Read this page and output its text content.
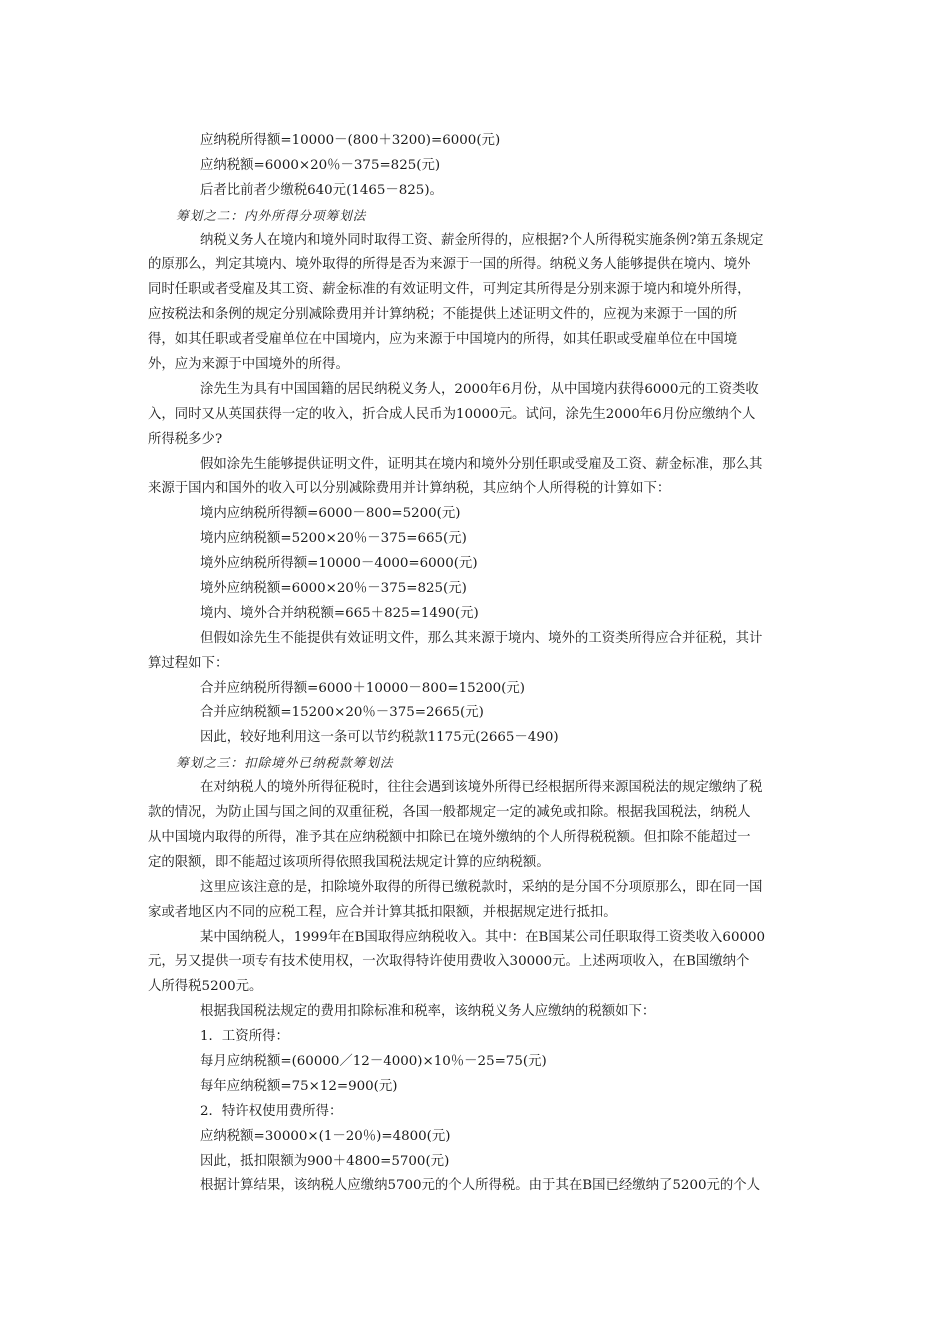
应纳税所得额=10000－(800＋3200)=6000(元)
应纳税额=6000×20％－375=825(元)
后者比前者少缴税640元(1465－825)。
筹划之二：内外所得分项筹划法
纳税义务人在境内和境外同时取得工资、薪金所得的，应根据?个人所得税实施条例?第五条规定
的原那么，判定其境内、境外取得的所得是否为来源于一国的所得。纳税义务人能够提供在境内、境外
同时任职或者受雇及其工资、薪金标准的有效证明文件，可判定其所得是分别来源于境内和境外所得，
应按税法和条例的规定分别减除费用并计算纳税；不能提供上述证明文件的，应视为来源于一国的所
得，如其任职或者受雇单位在中国境内，应为来源于中国境内的所得，如其任职或受雇单位在中国境
外，应为来源于中国境外的所得。
涂先生为具有中国国籍的居民纳税义务人，2000年6月份，从中国境内获得6000元的工资类收
入，同时又从英国获得一定的收入，折合成人民币为10000元。试问，涂先生2000年6月份应缴纳个人
所得税多少?
假如涂先生能够提供证明文件，证明其在境内和境外分别任职或受雇及工资、薪金标准，那么其
来源于国内和国外的收入可以分别减除费用并计算纳税，其应纳个人所得税的计算如下：
境内应纳税所得额=6000－800=5200(元)
境内应纳税额=5200×20％－375=665(元)
境外应纳税所得额=10000－4000=6000(元)
境外应纳税额=6000×20％－375=825(元)
境内、境外合并纳税额=665＋825=1490(元)
但假如涂先生不能提供有效证明文件，那么其来源于境内、境外的工资类所得应合并征税，其计
算过程如下：
合并应纳税所得额=6000＋10000－800=15200(元)
合并应纳税额=15200×20％－375=2665(元)
因此，较好地利用这一条可以节约税款1175元(2665－490)
筹划之三：扣除境外已纳税款筹划法
在对纳税人的境外所得征税时，往往会遇到该境外所得已经根据所得来源国税法的规定缴纳了税
款的情况，为防止国与国之间的双重征税，各国一般都规定一定的减免或扣除。根据我国税法，纳税人
从中国境内取得的所得，准予其在应纳税额中扣除已在境外缴纳的个人所得税税额。但扣除不能超过一
定的限额，即不能超过该项所得依照我国税法规定计算的应纳税额。
这里应该注意的是，扣除境外取得的所得已缴税款时，采纳的是分国不分项原那么，即在同一国
家或者地区内不同的应税工程，应合并计算其抵扣限额，并根据规定进行抵扣。
某中国纳税人，1999年在B国取得应纳税收入。其中：在B国某公司任职取得工资类收入60000
元，另又提供一项专有技术使用权，一次取得特许使用费收入30000元。上述两项收入，在B国缴纳个
人所得税5200元。
根据我国税法规定的费用扣除标准和税率，该纳税义务人应缴纳的税额如下：
1．工资所得：
每月应纳税额=(60000／12－4000)×10％－25=75(元)
每年应纳税额=75×12=900(元)
2．特许权使用费所得：
应纳税额=30000×(1－20％)=4800(元)
因此，抵扣限额为900＋4800=5700(元)
根据计算结果，该纳税人应缴纳5700元的个人所得税。由于其在B国已经缴纳了5200元的个人
